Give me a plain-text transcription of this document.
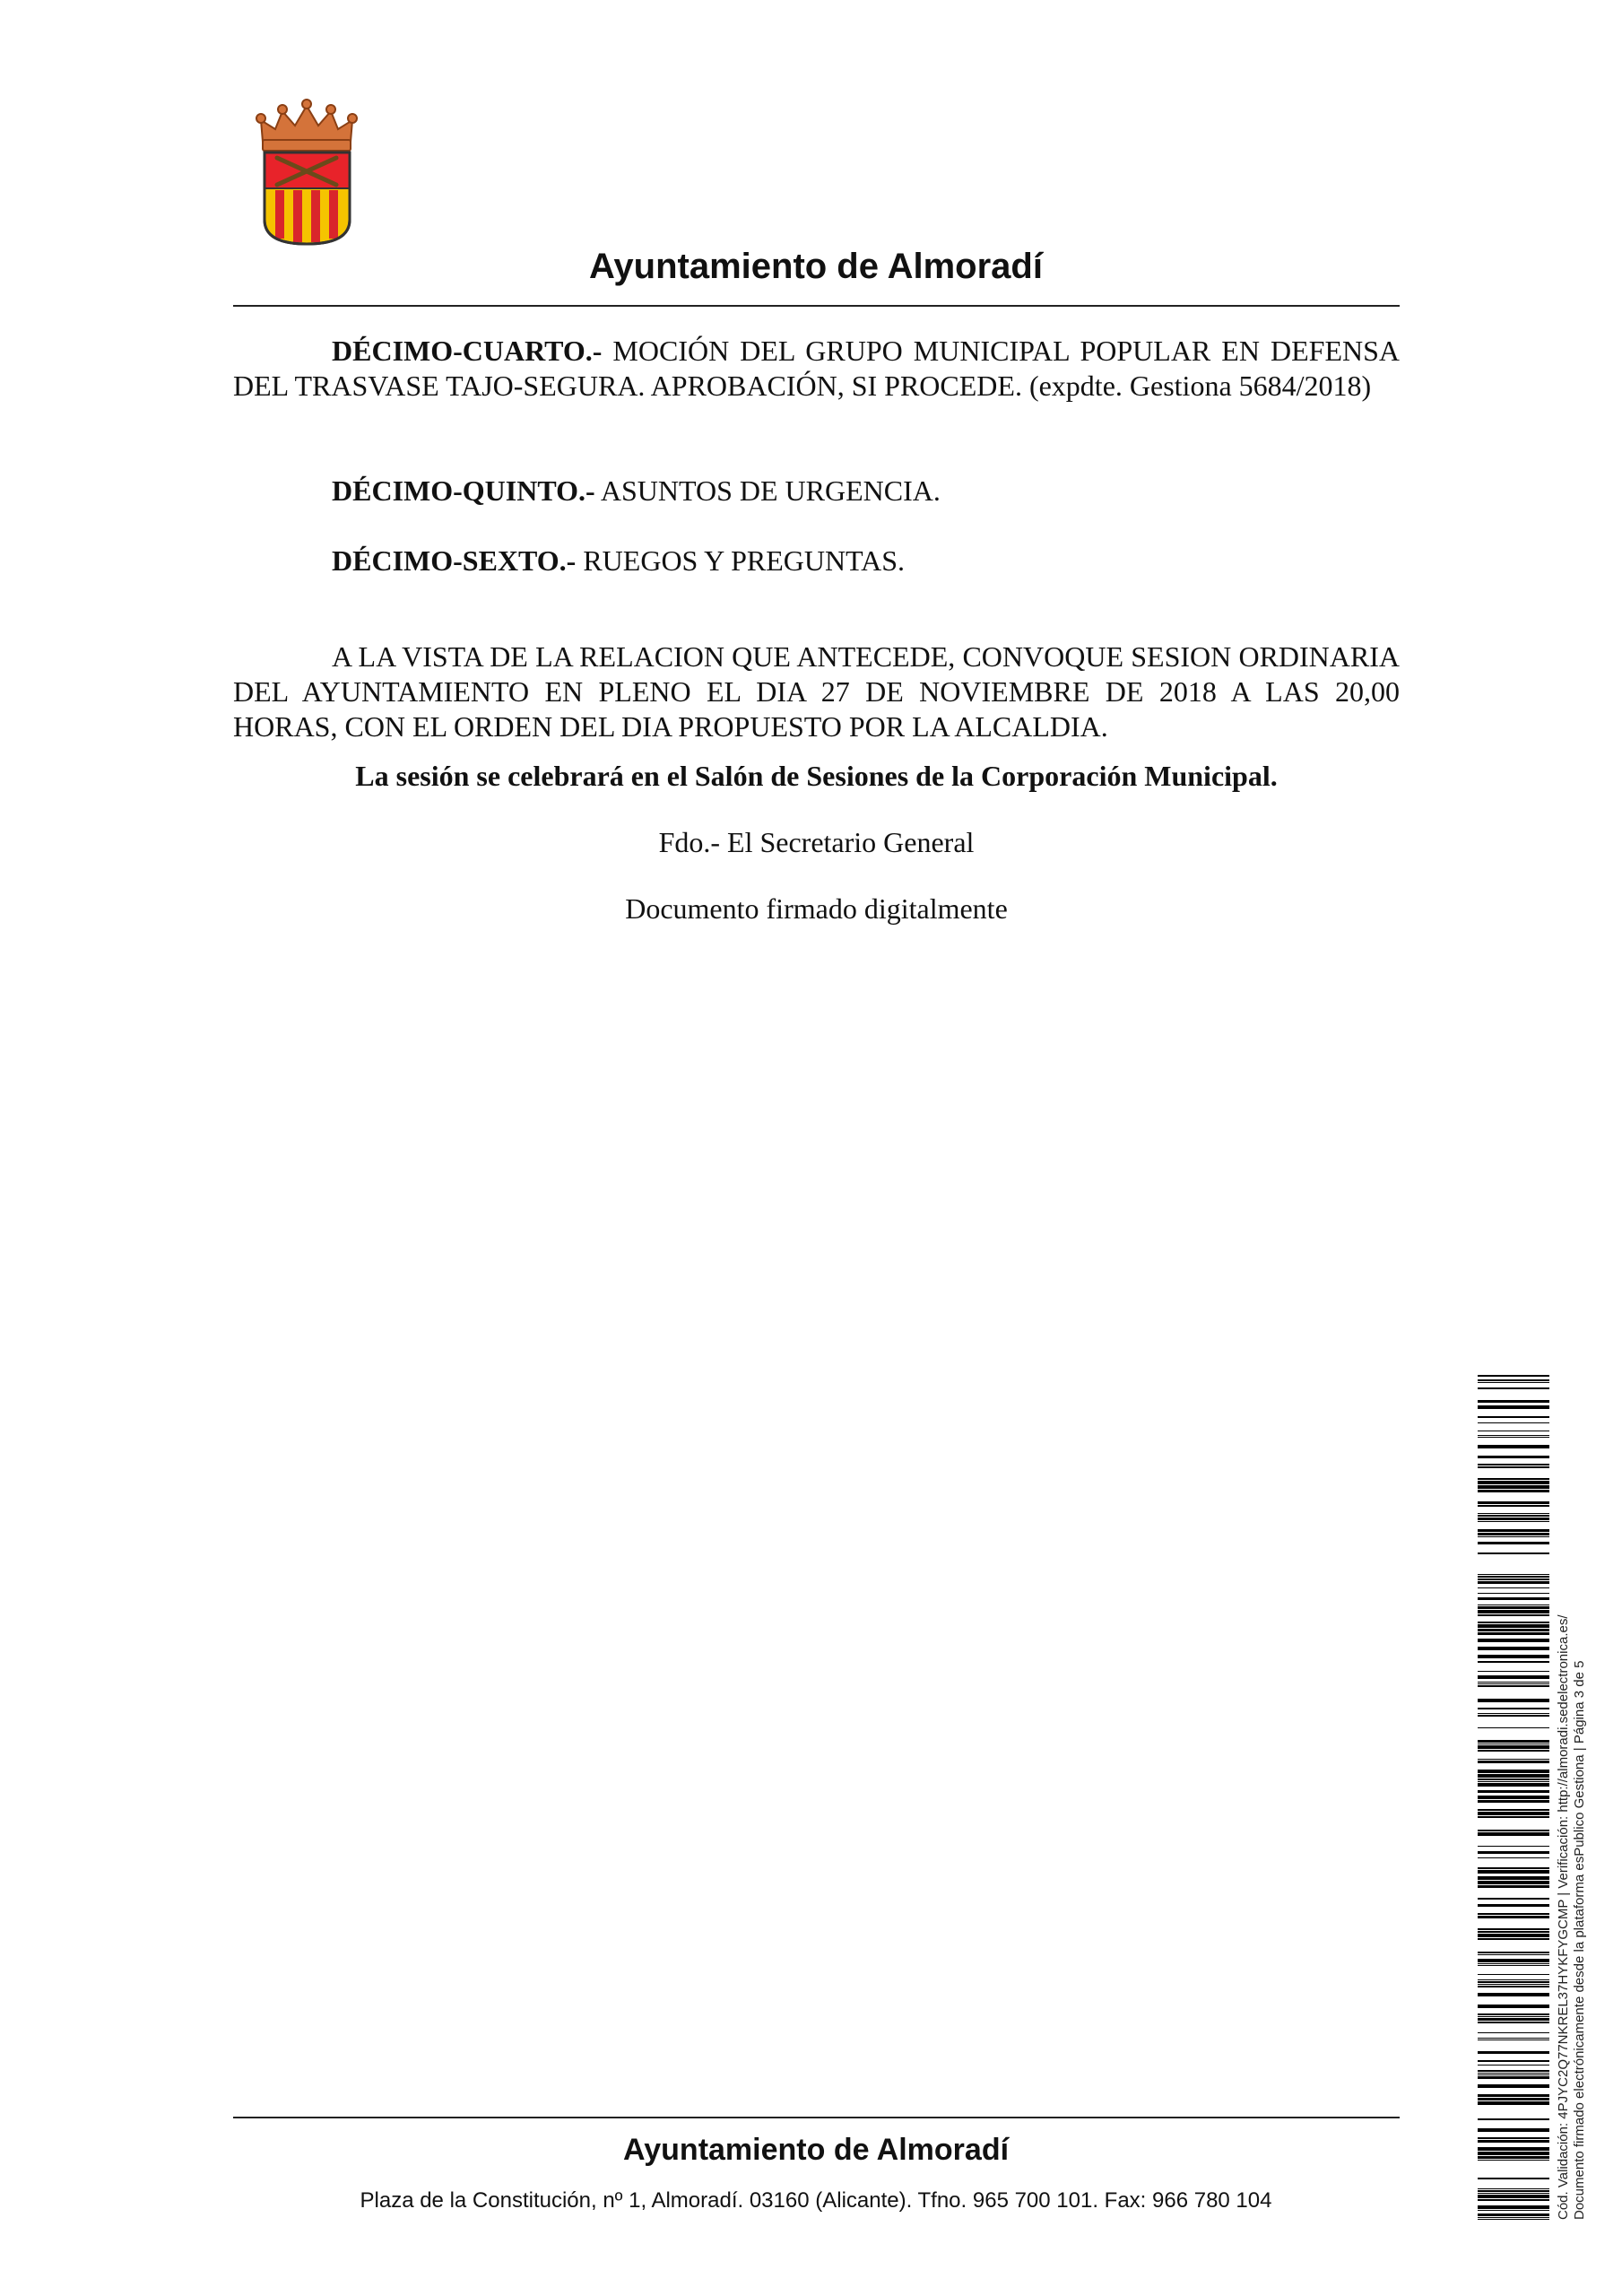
Ayuntamiento de Almoradí

DÉCIMO-CUARTO.- MOCIÓN DEL GRUPO MUNICIPAL POPULAR EN DEFENSA DEL TRASVASE TAJO-SEGURA. APROBACIÓN, SI PROCEDE. (expdte. Gestiona 5684/2018)

DÉCIMO-QUINTO.- ASUNTOS DE URGENCIA.

DÉCIMO-SEXTO.- RUEGOS Y PREGUNTAS.

A LA VISTA DE LA RELACION QUE ANTECEDE, CONVOQUE SESION ORDINARIA DEL AYUNTAMIENTO EN PLENO EL DIA 27 DE NOVIEMBRE DE 2018 A LAS 20,00 HORAS, CON EL ORDEN DEL DIA PROPUESTO POR LA ALCALDIA.

La sesión se celebrará en el Salón de Sesiones de la Corporación Municipal.
Fdo.- El Secretario General
Documento firmado digitalmente
Ayuntamiento de Almoradí
Plaza de la Constitución, nº 1, Almoradí. 03160 (Alicante). Tfno. 965 700 101. Fax: 966 780 104	Cód. Validación: 4PJYC2Q77NKREL37HYKFYGCMP | Verificación: http://almoradi.sedelectronica.es/ Documento firmado electrónicamente desde la plataforma esPublico Gestiona | Página 3 de 5
